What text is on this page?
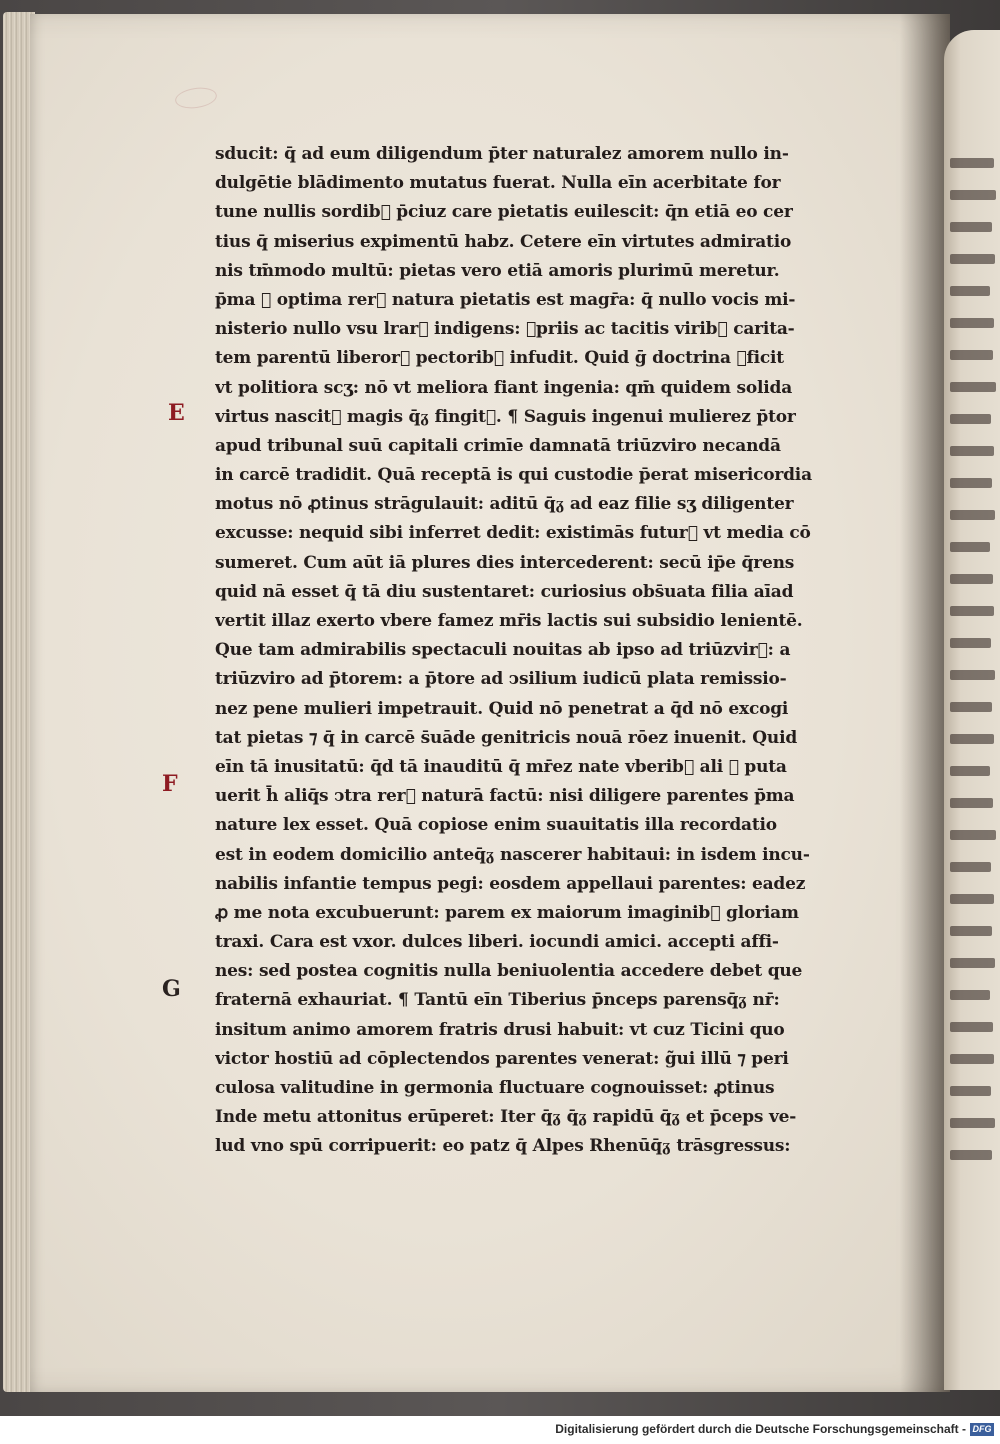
E
F
G
sducit: q̄ ad eum diligendum p̄ter naturalez amorem nullo in-
dulgētie blādimento mutatus fuerat. Nulla eīn acerbitate for
tune nullis sordib᷑ p̄ciuz care pietatis euilescit: q̄n etiā eo cer
tius q̄ miserius expimentū habz. Cetere eīn virtutes admiratio
nis tm̄modo multū: pietas vero etiā amoris plurimū meretur.
p̄ma ⁊ optima rer᷑ natura pietatis est magr̄a: q̄ nullo vocis mi-
nisterio nullo vsu lrar᷑ indigens: ꝓpriis ac tacitis virib᷑ carita-
tem parentū liberor᷑ pectorib᷑ infudit. Quid ḡ doctrina ꝓficit
vt politiora scʒ: nō vt meliora fiant ingenia: qm̄ quidem solida
virtus nascit᷑ magis q̄ᵹ fingit᷑. ¶ Saguis ingenui mulierez p̄tor
apud tribunal suū capitali crimīe damnatā triūzviro necandā
in carcē tradidit. Quā receptā is qui custodie p̄erat misericordia
motus nō ꝓtinus strāgulauit: aditū q̄ᵹ ad eaz filie sʒ diligenter
excusse: nequid sibi inferret dedit: existimās futur᷑ vt media cō
sumeret. Cum aūt iā plures dies intercederent: secū ip̄e q̄rens
quid nā esset q̄ tā diu sustentaret: curiosius obs̄uata filia aīad
vertit illaz exerto vbere famez mr̄is lactis sui subsidio lenientē.
Que tam admirabilis spectaculi nouitas ab ipso ad triūzvir᷑: a
triūzviro ad p̄torem: a p̄tore ad ↄsilium iudicū plata remissio-
nez pene mulieri impetrauit. Quid nō penetrat a q̄d nō excogi
tat pietas ⁊ q̄ in carcē s̄uāde genitricis nouā rōez inuenit. Quid
eīn tā inusitatū: q̄d tā inauditū q̄ mr̄ez nate vberib᷑ ali ⁊ puta
uerit h̄ aliq̄s ↄtra rer᷑ naturā factū: nisi diligere parentes p̄ma
nature lex esset. Quā copiose enim suauitatis illa recordatio
est in eodem domicilio anteq̄ᵹ nascerer habitaui: in isdem incu-
nabilis infantie tempus pegi: eosdem appellaui parentes: eadez
ꝓ me nota excubuerunt: parem ex maiorum imaginib᷑ gloriam
traxi. Cara est vxor. dulces liberi. iocundi amici. accepti affi-
nes: sed postea cognitis nulla beniuolentia accedere debet que
fraternā exhauriat. ¶ Tantū eīn Tiberius p̄nceps parensq̄ᵹ nr̄:
insitum animo amorem fratris drusi habuit: vt cuz Ticini quo
victor hostiū ad cōplectendos parentes venerat: g̃ui illū ⁊ peri
culosa valitudine in germonia fluctuare cognouisset: ꝓtinus
Inde metu attonitus erūperet: Iter q̄ᵹ q̄ᵹ rapidū q̄ᵹ et p̄ceps ve-
lud vno spū corripuerit: eo patz q̄ Alpes Rhenūq̄ᵹ trāsgressus:
Digitalisierung gefördert durch die Deutsche Forschungsgemeinschaft - DFG
